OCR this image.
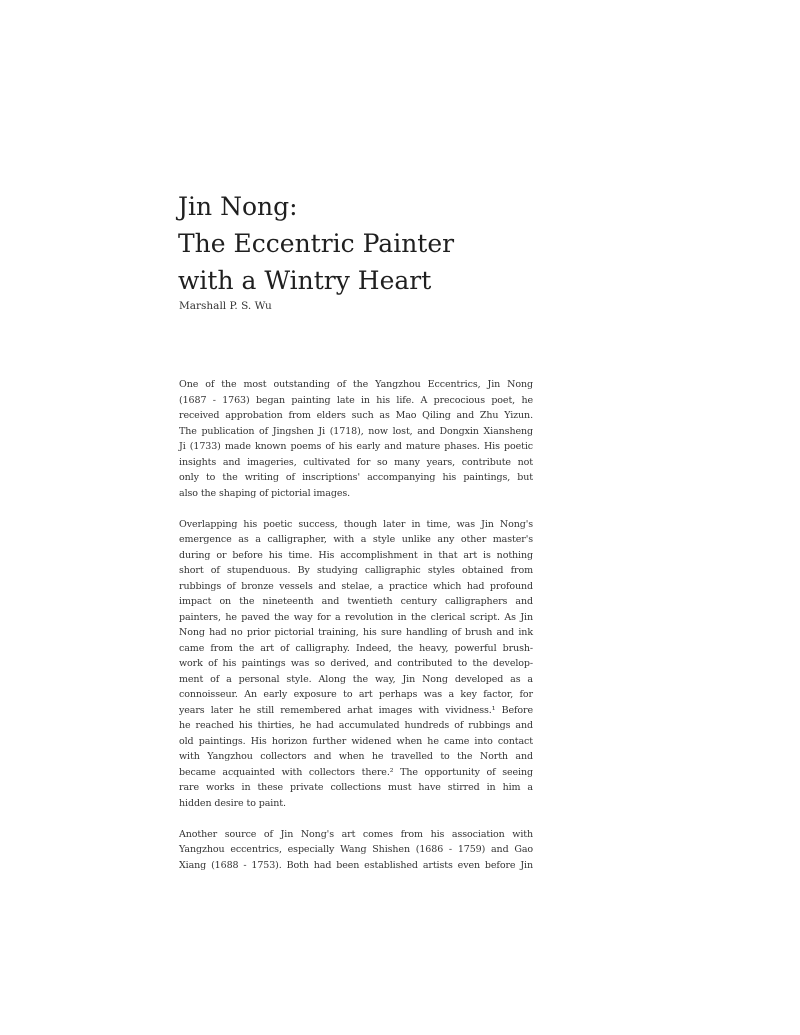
Jin Nong:
The Eccentric Painter
with a Wintry Heart
Marshall P. S. Wu

One of the most outstanding of the Yangzhou Eccentrics, Jin Nong
(1687 - 1763) began painting late in his life. A precocious poet, he
received approbation from elders such as Mao Qiling and Zhu Yizun.
The publication of Jingshen Ji (1718), now lost, and Dongxin Xiansheng
Ji (1733) made known poems of his early and mature phases. His poetic
insights and imageries, cultivated for so many years, contribute not
only to the writing of inscriptions' accompanying his paintings, but
also the shaping of pictorial images.

Overlapping his poetic success, though later in time, was Jin Nong's
emergence as a calligrapher, with a style unlike any other master's
during or before his time. His accomplishment in that art is nothing
short of stupenduous. By studying calligraphic styles obtained from
rubbings of bronze vessels and stelae, a practice which had profound
impact on the nineteenth and twentieth century calligraphers and
painters, he paved the way for a revolution in the clerical script. As Jin
Nong had no prior pictorial training, his sure handling of brush and ink
came from the art of calligraphy. Indeed, the heavy, powerful brush-
work of his paintings was so derived, and contributed to the develop-
ment of a personal style. Along the way, Jin Nong developed as a
connoisseur. An early exposure to art perhaps was a key factor, for
years later he still remembered arhat images with vividness.¹ Before
he reached his thirties, he had accumulated hundreds of rubbings and
old paintings. His horizon further widened when he came into contact
with Yangzhou collectors and when he travelled to the North and
became acquainted with collectors there.² The opportunity of seeing
rare works in these private collections must have stirred in him a
hidden desire to paint.

Another source of Jin Nong's art comes from his association with
Yangzhou eccentrics, especially Wang Shishen (1686 - 1759) and Gao
Xiang (1688 - 1753). Both had been established artists even before Jin
